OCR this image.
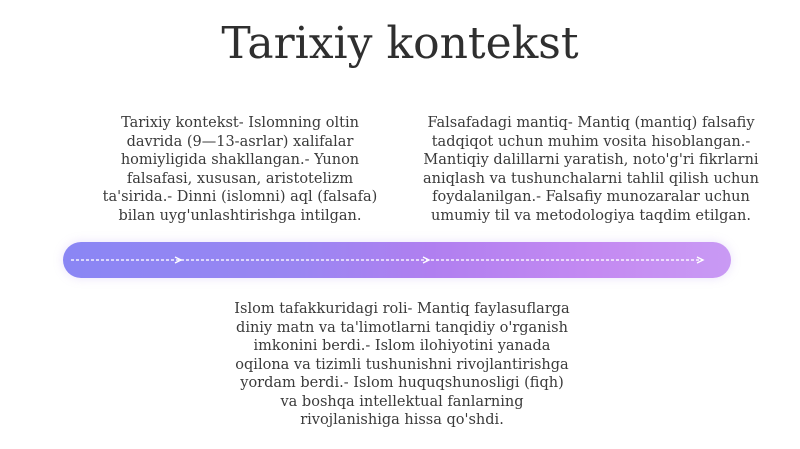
Tarixiy kontekst
Tarixiy kontekst- Islomning oltin davrida (9—13-asrlar) xalifalar homiyligida shakllangan.- Yunon falsafasi, xususan, aristotelizm ta'sirida.- Dinni (islomni) aql (falsafa) bilan uyg'unlashtirishga intilgan.
Falsafadagi mantiq- Mantiq (mantiq) falsafiy tadqiqot uchun muhim vosita hisoblangan.- Mantiqiy dalillarni yaratish, noto'g'ri fikrlarni aniqlash va tushunchalarni tahlil qilish uchun foydalanilgan.- Falsafiy munozaralar uchun umumiy til va metodologiya taqdim etilgan.
Islom tafakkuridagi roli- Mantiq faylasuflarga diniy matn va ta'limotlarni tanqidiy o'rganish imkonini berdi.- Islom ilohiyotini yanada oqilona va tizimli tushunishni rivojlantirishga yordam berdi.- Islom huquqshunosligi (fiqh) va boshqa intellektual fanlarning rivojlanishiga hissa qo'shdi.
